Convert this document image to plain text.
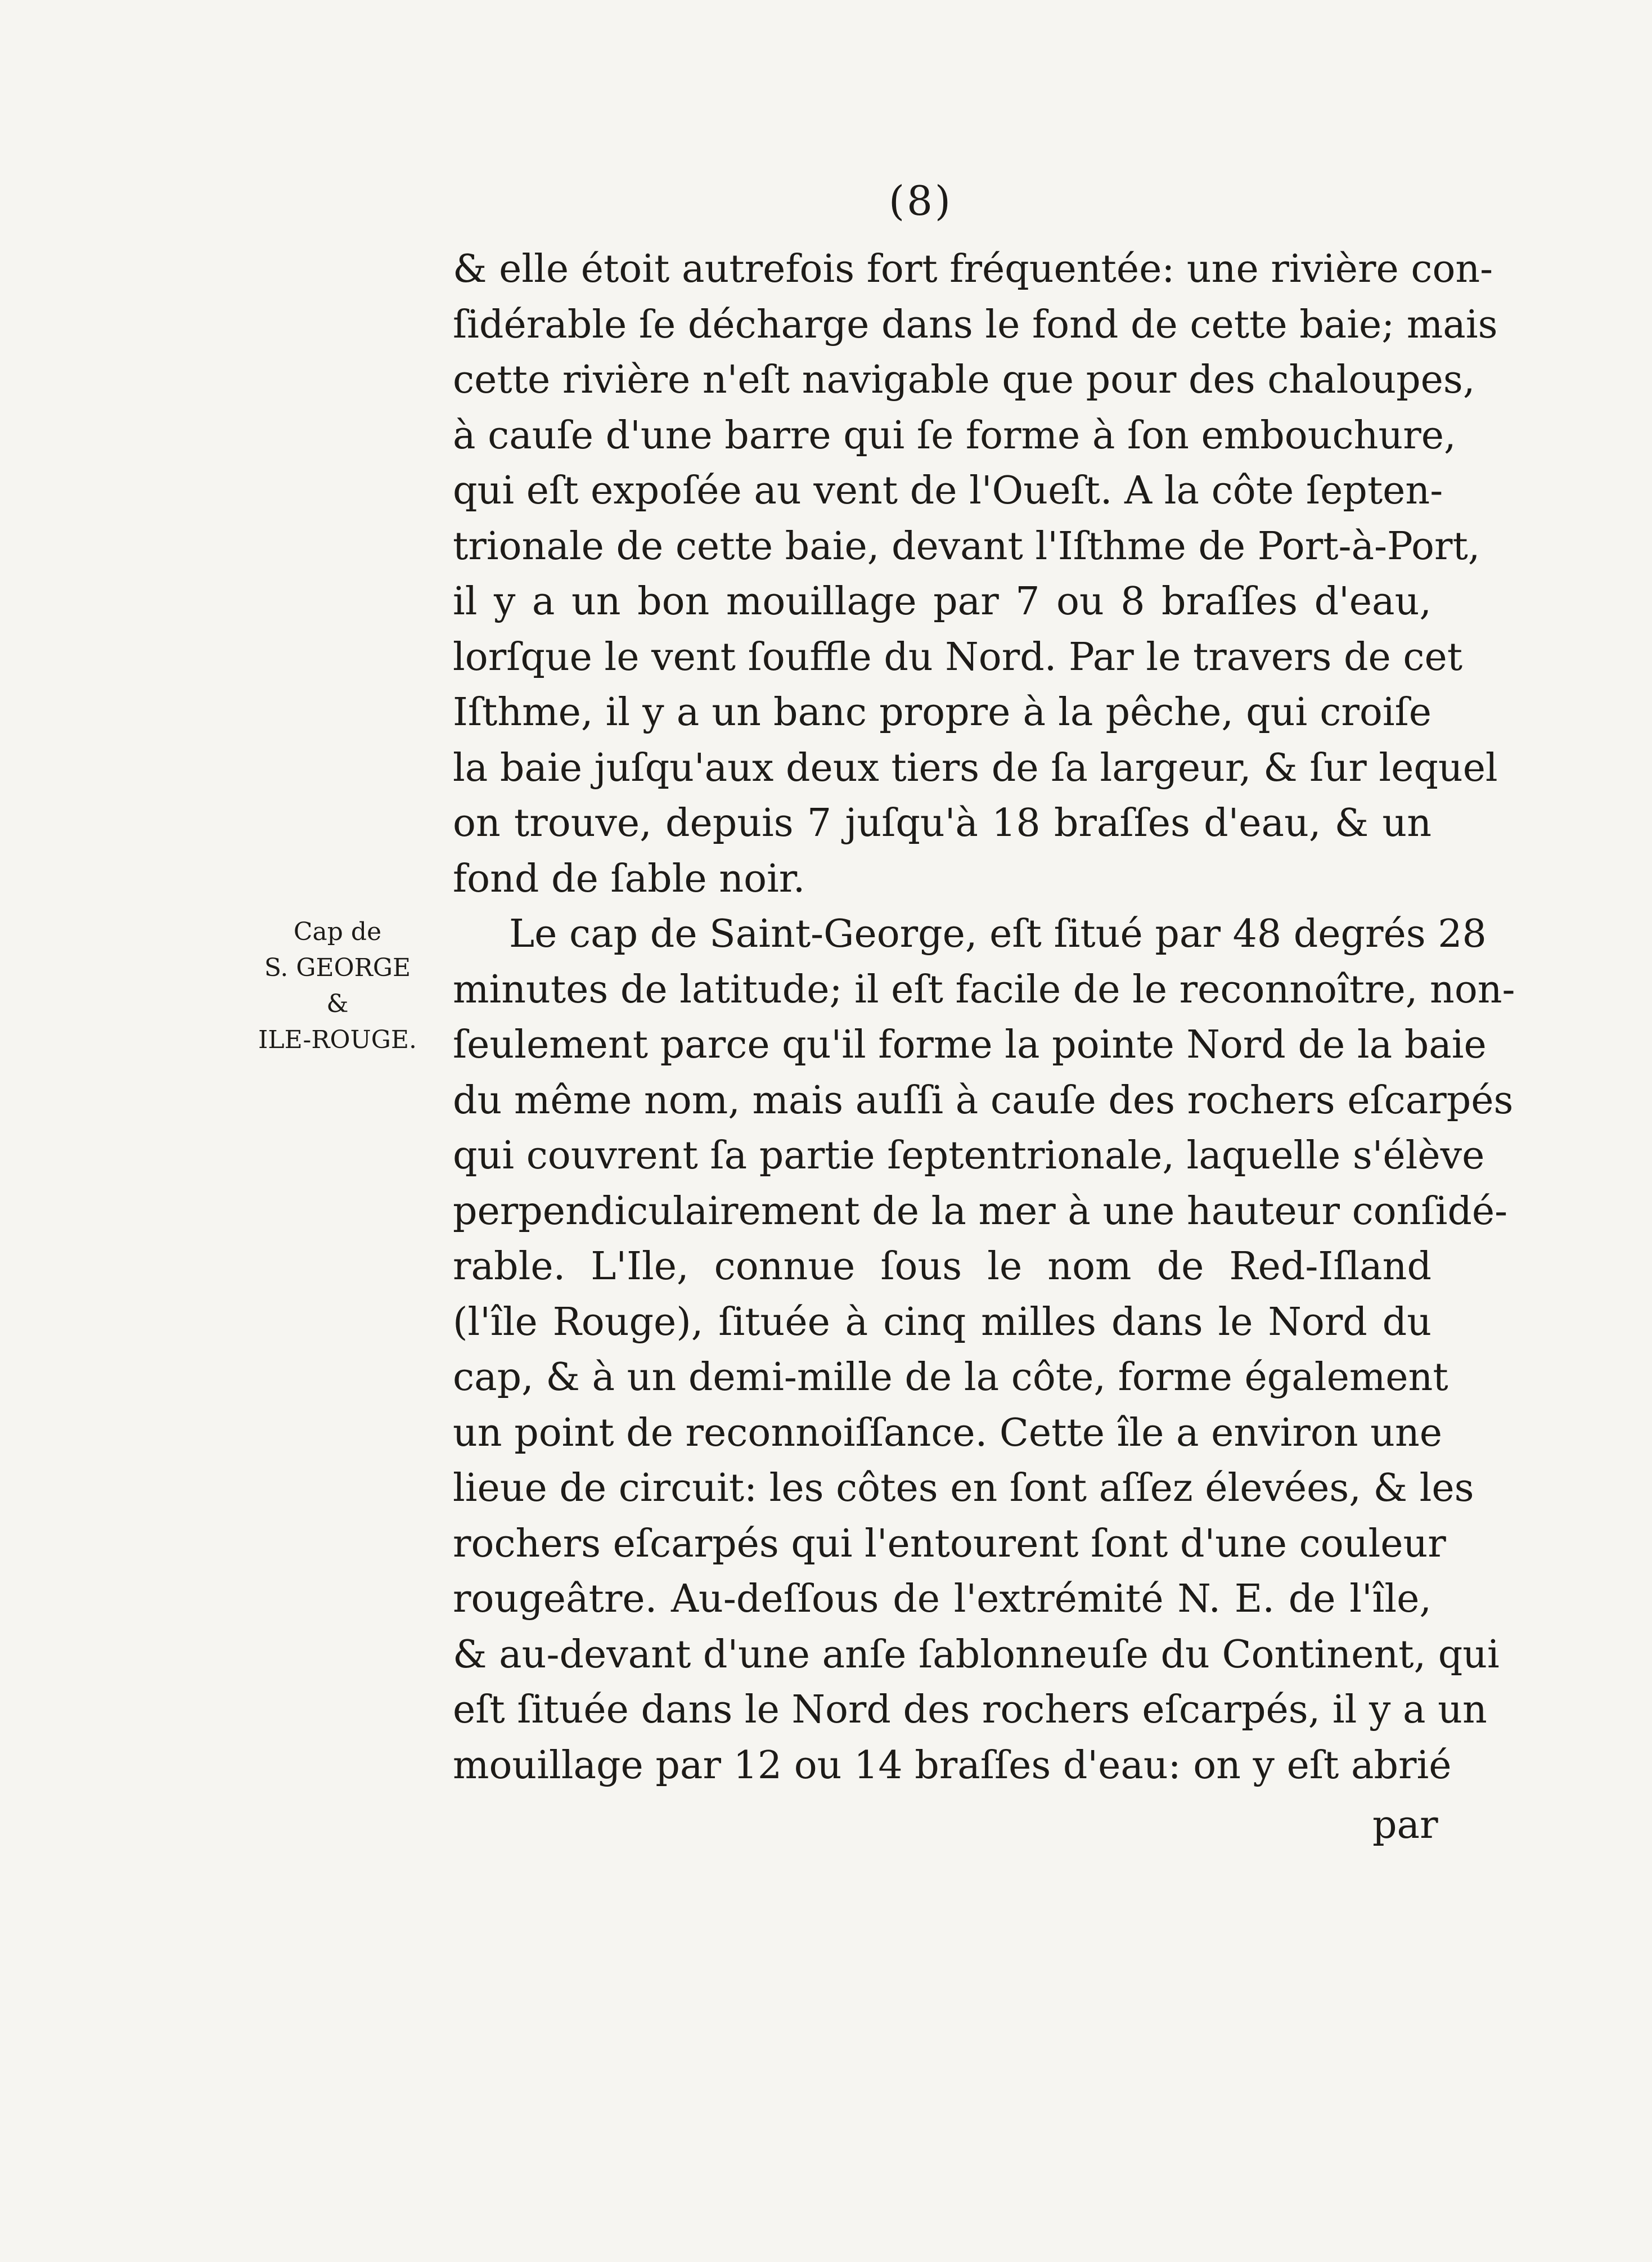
(8)
Cap de
S. GEORGE
&
ILE-ROUGE.
& elle étoit autrefois fort fréquentée: une rivière con-
ſidérable ſe décharge dans le fond de cette baie; mais
cette rivière n'eſt navigable que pour des chaloupes,
à cauſe d'une barre qui ſe forme à ſon embouchure,
qui eſt expoſée au vent de l'Oueſt. A la côte ſepten-
trionale de cette baie, devant l'Iſthme de Port-à-Port,
il y a un bon mouillage par 7 ou 8 braſſes d'eau,
lorſque le vent ſouffle du Nord. Par le travers de cet
Iſthme, il y a un banc propre à la pêche, qui croiſe
la baie juſqu'aux deux tiers de ſa largeur, & ſur lequel
on trouve, depuis 7 juſqu'à 18 braſſes d'eau, & un
fond de ſable noir.
Le cap de Saint-George, eſt ſitué par 48 degrés 28
minutes de latitude; il eſt facile de le reconnoître, non-
ſeulement parce qu'il forme la pointe Nord de la baie
du même nom, mais auſſi à cauſe des rochers eſcarpés
qui couvrent ſa partie ſeptentrionale, laquelle s'élève
perpendiculairement de la mer à une hauteur conſidé-
rable. L'Ile, connue ſous le nom de Red-Iſland
(l'île Rouge), ſituée à cinq milles dans le Nord du
cap, & à un demi-mille de la côte, forme également
un point de reconnoiſſance. Cette île a environ une
lieue de circuit: les côtes en ſont aſſez élevées, & les
rochers eſcarpés qui l'entourent ſont d'une couleur
rougeâtre. Au-deſſous de l'extrémité N. E. de l'île,
& au-devant d'une anſe ſablonneuſe du Continent, qui
eſt ſituée dans le Nord des rochers eſcarpés, il y a un
mouillage par 12 ou 14 braſſes d'eau: on y eſt abrié
par
